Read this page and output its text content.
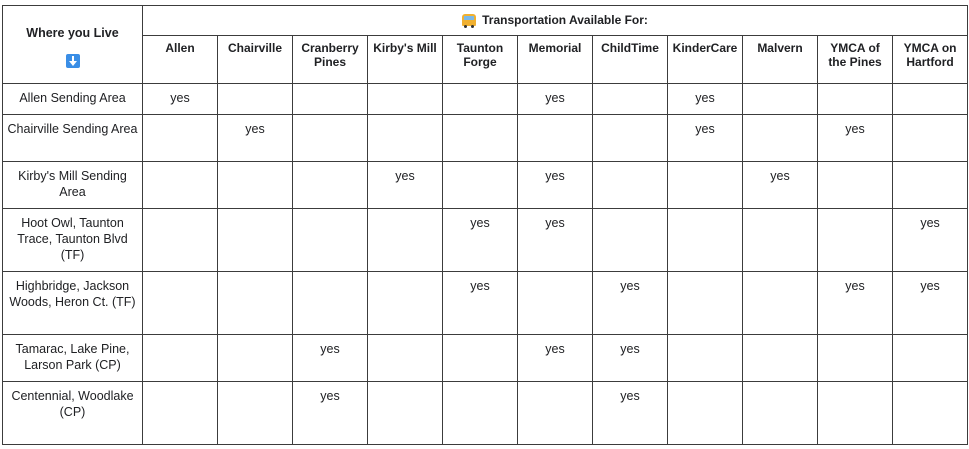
Where you Live	Transportation Available For:										

	Allen	Chairville	Cranberry Pines	Kirby's Mill	Taunton Forge	Memorial	ChildTime	KinderCare	Malvern	YMCA of the Pines	YMCA on Hartford
Allen Sending Area	yes					yes		yes			
Chairville Sending Area		yes						yes		yes	
Kirby's Mill Sending Area				yes		yes			yes		
Hoot Owl, Taunton Trace, Taunton Blvd (TF)					yes	yes					yes
Highbridge, Jackson Woods, Heron Ct. (TF)					yes		yes			yes	yes
Tamarac, Lake Pine, Larson Park (CP)			yes			yes	yes				
Centennial, Woodlake (CP)			yes				yes				
